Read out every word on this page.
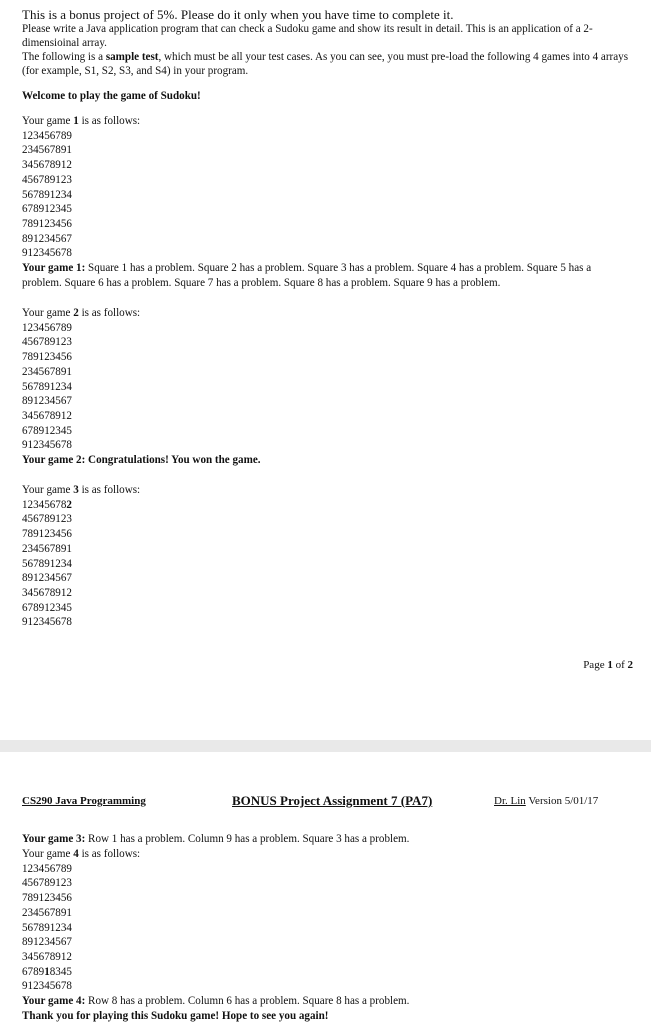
This is a bonus project of 5%. Please do it only when you have time to complete it.

Please write a Java application program that can check a Sudoku game and show its result in detail. This is an application of a 2-dimensioinal array.

The following is a sample test, which must be all your test cases. As you can see, you must pre-load the following 4 games into 4 arrays (for example, S1, S2, S3, and S4) in your program.

Welcome to play the game of Sudoku!

Your game 1 is as follows:

123456789

234567891

345678912

456789123

567891234

678912345

789123456

891234567

912345678

Your game 1: Square 1 has a problem. Square 2 has a problem. Square 3 has a problem. Square 4 has a problem. Square 5 has a problem. Square 6 has a problem. Square 7 has a problem. Square 8 has a problem. Square 9 has a problem.

Your game 2 is as follows:

123456789

456789123

789123456

234567891

567891234

891234567

345678912

678912345

912345678

Your game 2: Congratulations! You won the game.

Your game 3 is as follows:

123456782

456789123

789123456

234567891

567891234

891234567

345678912

678912345

912345678

Page 1 of 2
CS290 Java Programming	BONUS Project Assignment 7 (PA7)	Dr. Lin Version 5/01/17

Your game 3: Row 1 has a problem. Column 9 has a problem. Square 3 has a problem.

Your game 4 is as follows:

123456789

456789123

789123456

234567891

567891234

891234567

345678912

678918345

912345678

Your game 4: Row 8 has a problem. Column 6 has a problem. Square 8 has a problem.

Thank you for playing this Sudoku game! Hope to see you again!
